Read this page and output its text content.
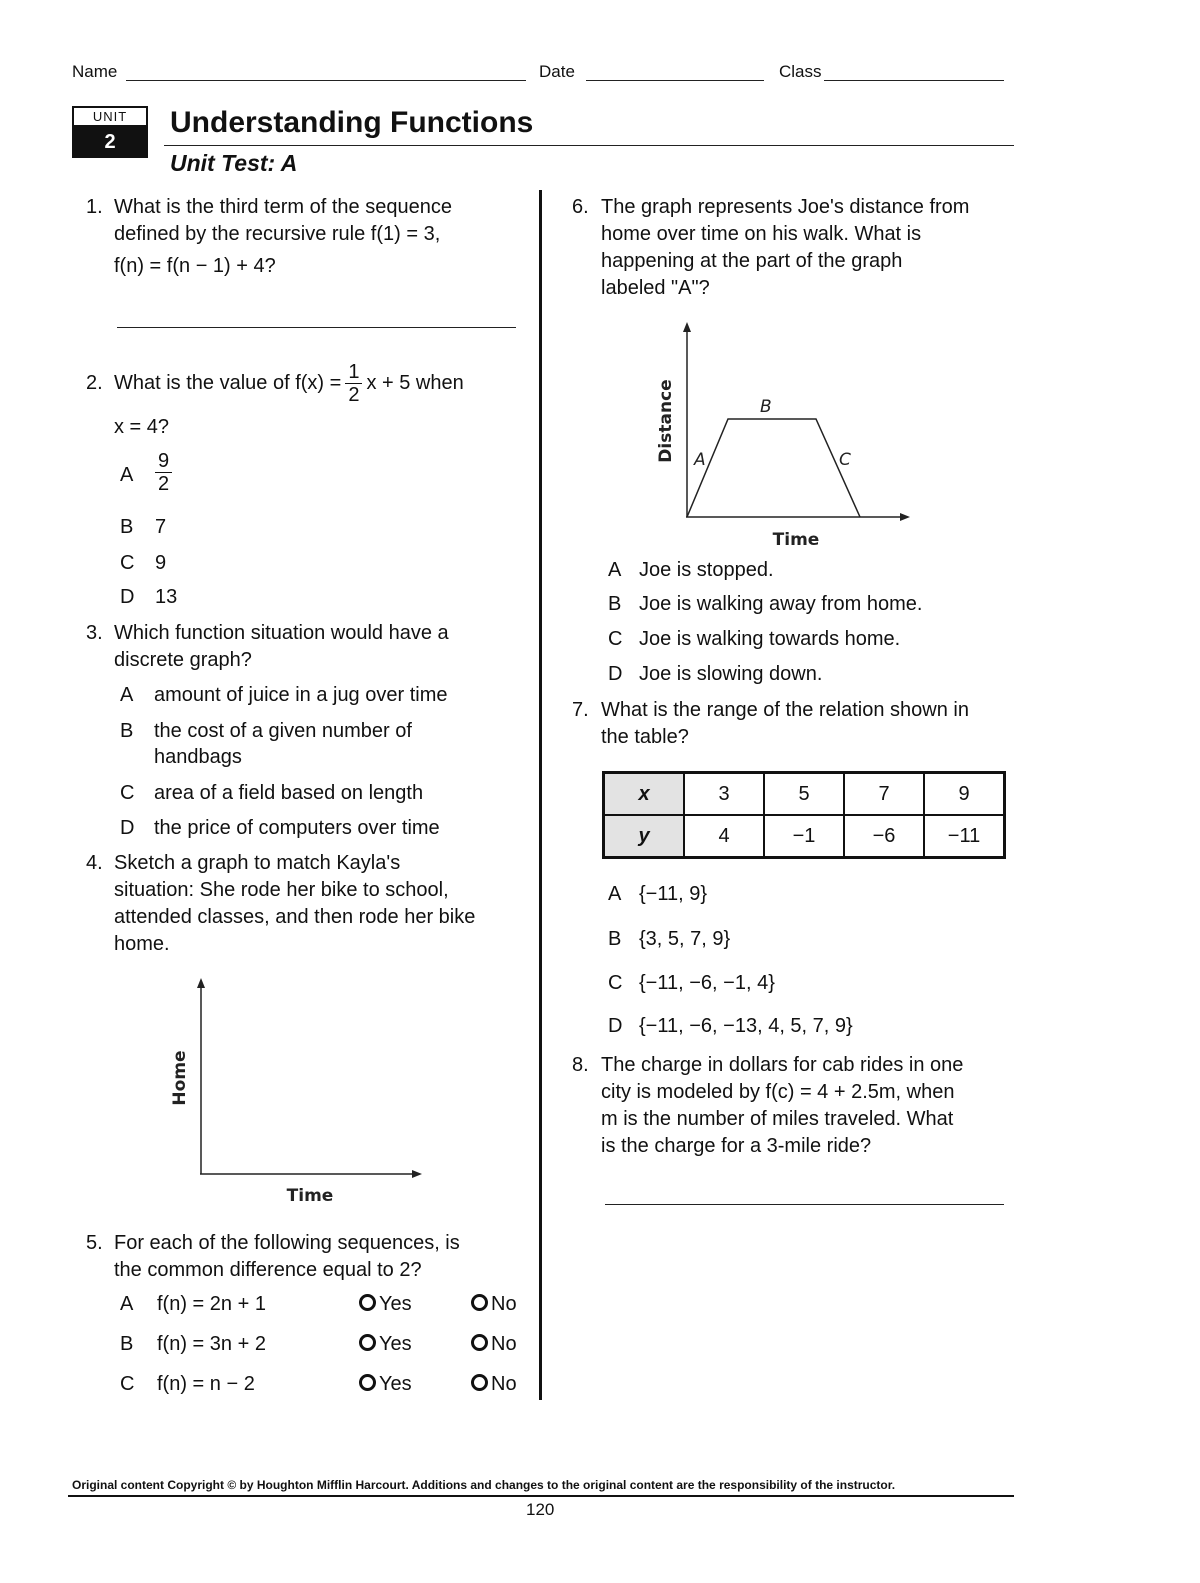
Name	Date	Class
UNIT
2
Understanding Functions
Unit Test: A
1. What is the third term of the sequence
defined by the recursive rule f(1) = 3,
f(n) = f(n − 1) + 4?
2. What is the value of $f(x) = \frac{1}{2}$ x + 5 when
x = 4?
A $\frac{9}{2}$
B 7
C 9
D 13
3. Which function situation would have a
discrete graph?
A amount of juice in a jug over time
B the cost of a given number of
handbags
C area of a field based on length
D the price of computers over time
4. Sketch a graph to match Kayla's
situation: She rode her bike to school,
attended classes, and then rode her bike
home.
Home
Time
5. For each of the following sequences, is
the common difference equal to 2?
A f(n) = 2n + 1	Yes	No
B f(n) = 3n + 2	Yes	No
C f(n) = n − 2	Yes	No
6. The graph represents Joe's distance from
home over time on his walk. What is
happening at the part of the graph
labeled "A"?
Distance
Time
A
B
C
A Joe is stopped.
B Joe is walking away from home.
C Joe is walking towards home.
D Joe is slowing down.
7. What is the range of the relation shown in
the table?
x	3	5	7	9
y	4	−1	−6	−11
A {−11, 9}
B {3, 5, 7, 9}
C {−11, −6, −1, 4}
D {−11, −6, −13, 4, 5, 7, 9}
8. The charge in dollars for cab rides in one
city is modeled by f(c) = 4 + 2.5m, when
m is the number of miles traveled. What
is the charge for a 3-mile ride?
Original content Copyright © by Houghton Mifflin Harcourt. Additions and changes to the original content are the responsibility of the instructor.
120
